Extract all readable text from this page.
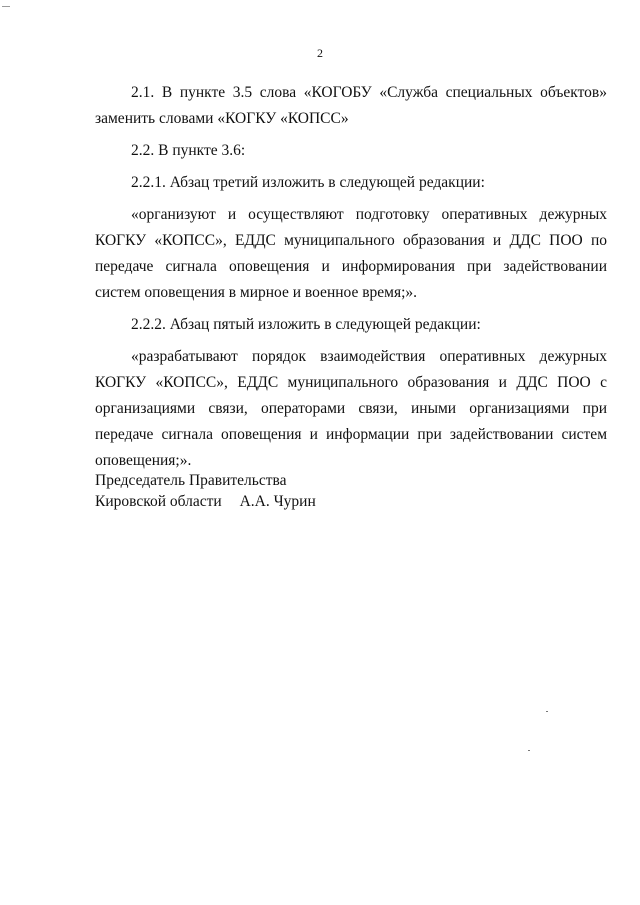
2

2.1. В пункте 3.5 слова «КОГОБУ «Служба специальных объектов» заменить словами «КОГКУ «КОПСС»

2.2. В пункте 3.6:

2.2.1. Абзац третий изложить в следующей редакции:

«организуют и осуществляют подготовку оперативных дежурных КОГКУ «КОПСС», ЕДДС муниципального образования и ДДС ПОО по передаче сигнала оповещения и информирования при задействовании систем оповещения в мирное и военное время;».

2.2.2. Абзац пятый изложить в следующей редакции:

«разрабатывают порядок взаимодействия оперативных дежурных КОГКУ «КОПСС», ЕДДС муниципального образования и ДДС ПОО с организациями связи, операторами связи, иными организациями при передаче сигнала оповещения и информации при задействовании систем оповещения;».

Председатель Правительства
Кировской области А.А. Чурин
